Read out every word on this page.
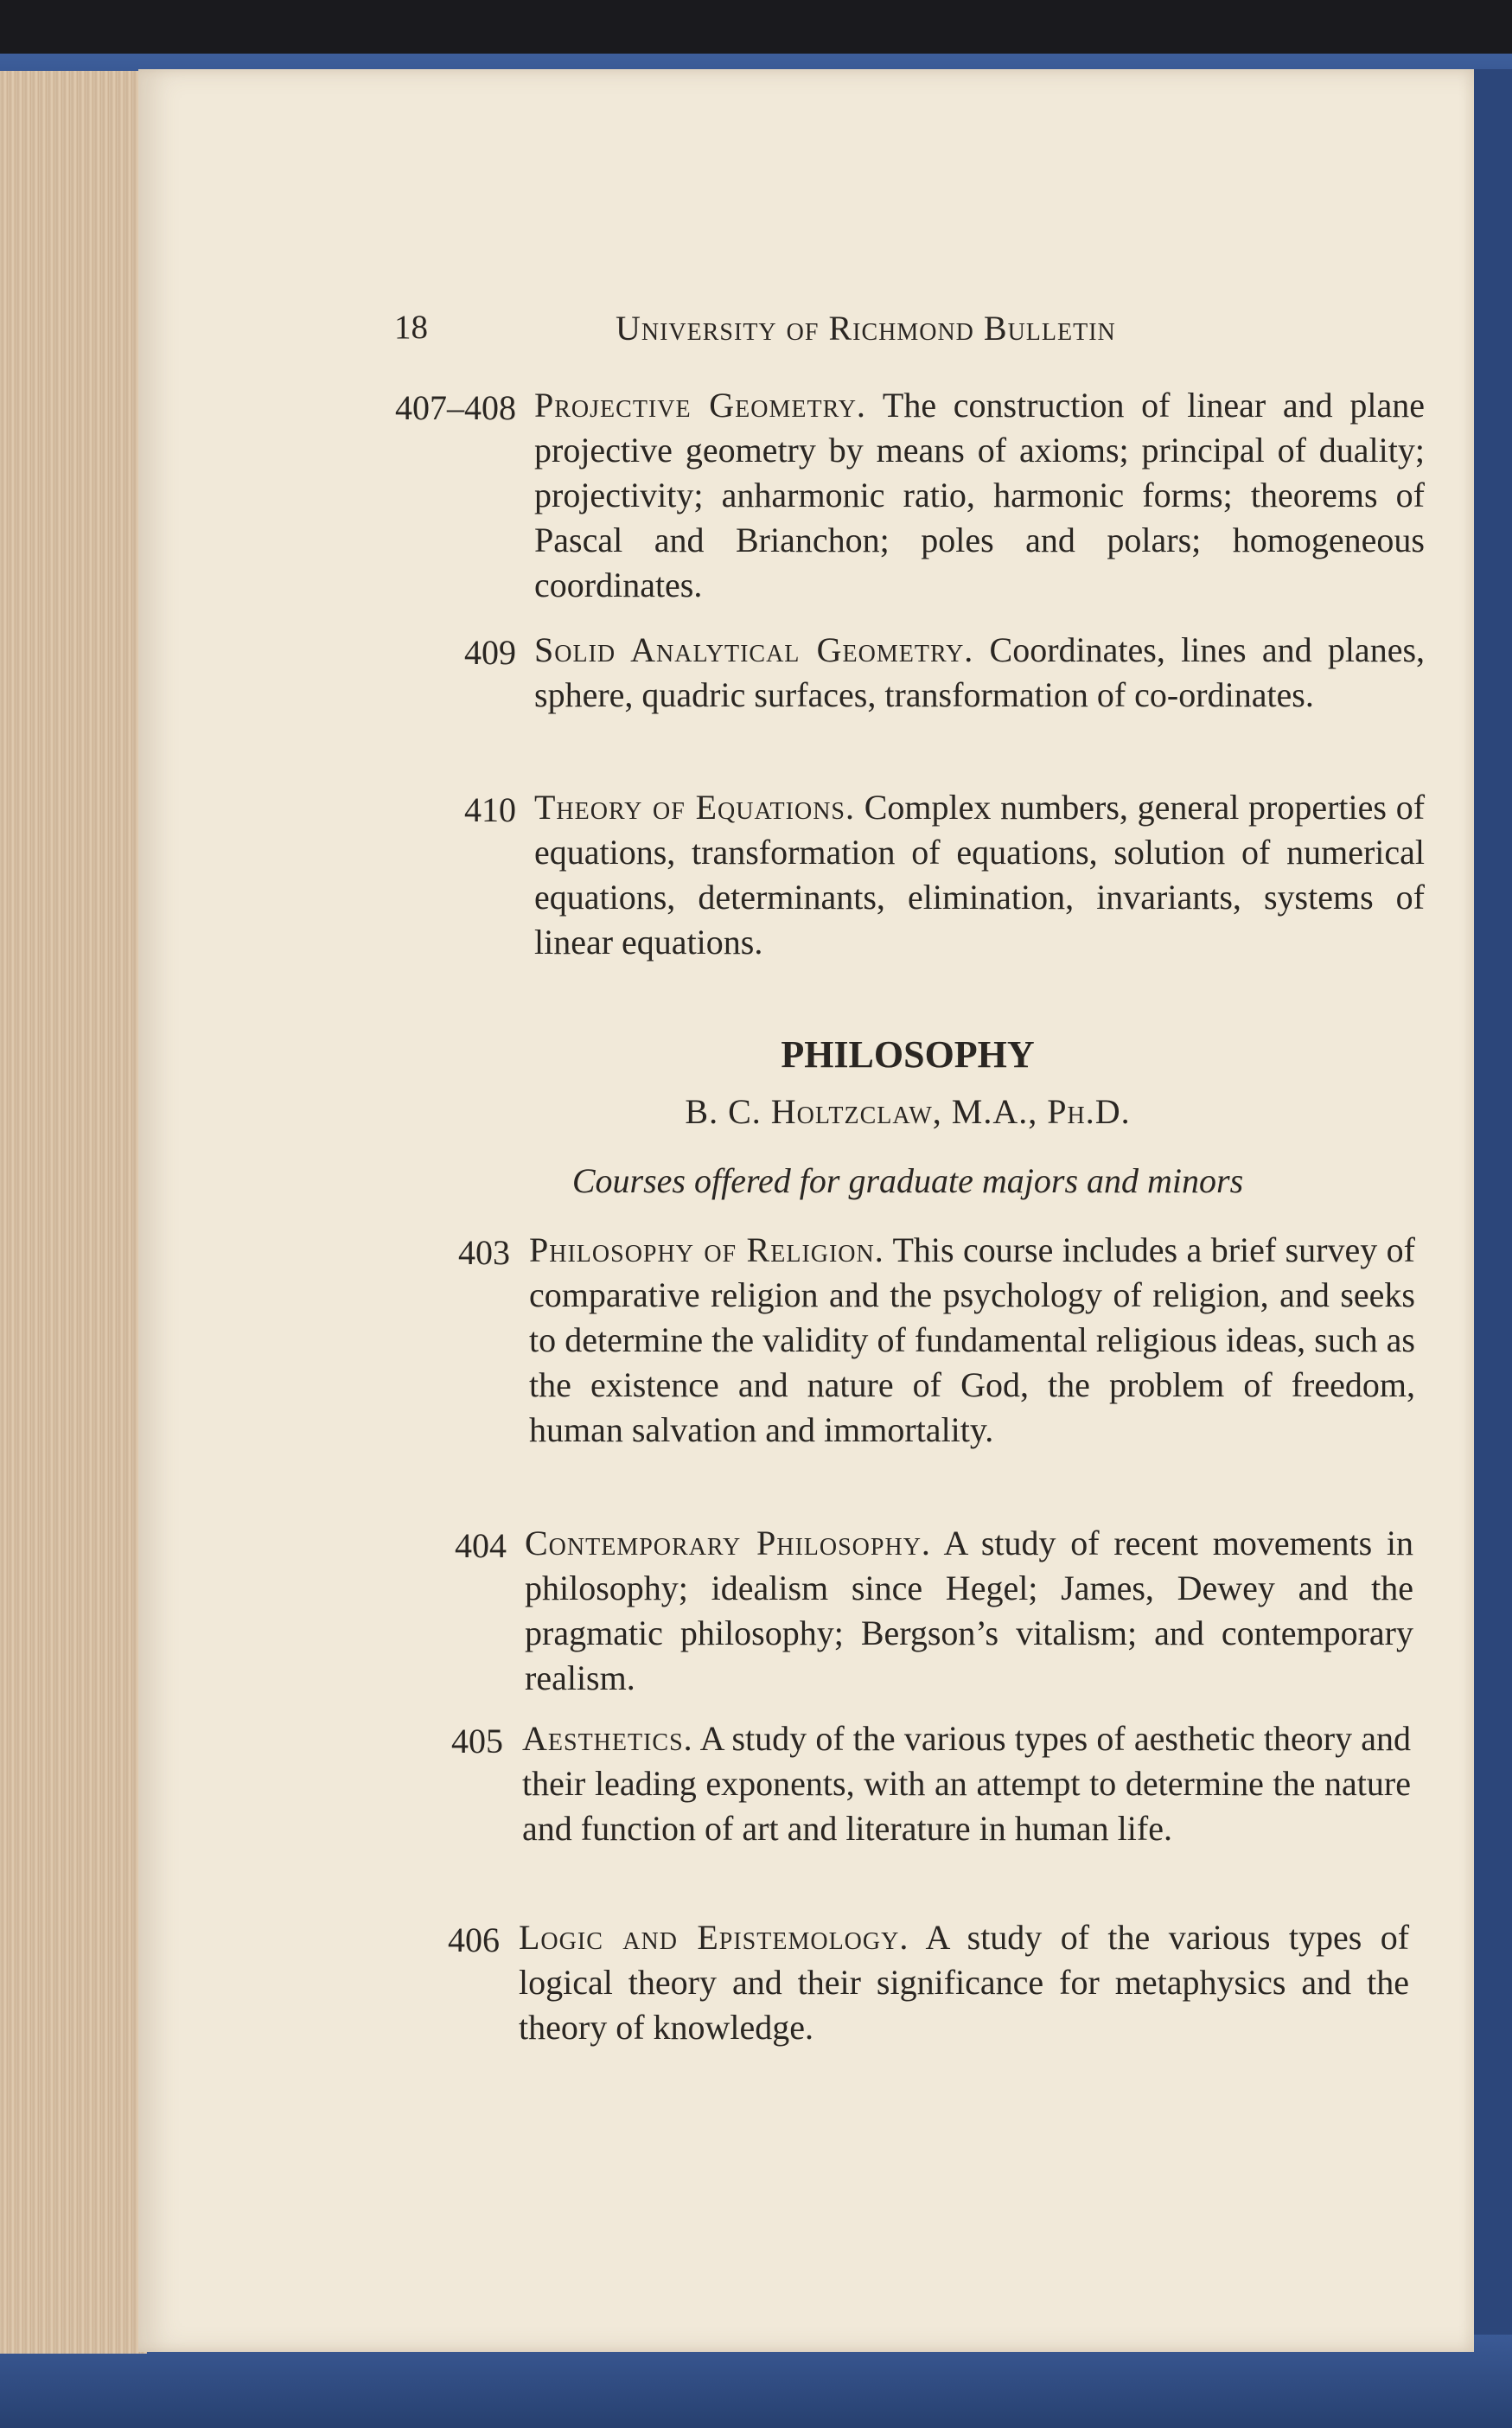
18	University of Richmond Bulletin
407–408 Projective Geometry. The construction of linear and plane projective geometry by means of axioms; principal of duality; projectivity; anharmonic ratio, harmonic forms; theorems of Pascal and Brianchon; poles and polars; homogeneous coordinates.
409 Solid Analytical Geometry. Coordinates, lines and planes, sphere, quadric surfaces, transformation of co-ordinates.
410 Theory of Equations. Complex numbers, general properties of equations, transformation of equations, solution of numerical equations, determinants, elimination, invariants, systems of linear equations.
PHILOSOPHY
B. C. Holtzclaw, M.A., Ph.D.
Courses offered for graduate majors and minors
403 Philosophy of Religion. This course includes a brief survey of comparative religion and the psychology of religion, and seeks to determine the validity of fundamental religious ideas, such as the existence and nature of God, the problem of freedom, human salvation and immortality.
404 Contemporary Philosophy. A study of recent movements in philosophy; idealism since Hegel; James, Dewey and the pragmatic philosophy; Bergson’s vitalism; and contemporary realism.
405 Aesthetics. A study of the various types of aesthetic theory and their leading exponents, with an attempt to determine the nature and function of art and literature in human life.
406 Logic and Epistemology. A study of the various types of logical theory and their significance for metaphysics and the theory of knowledge.
